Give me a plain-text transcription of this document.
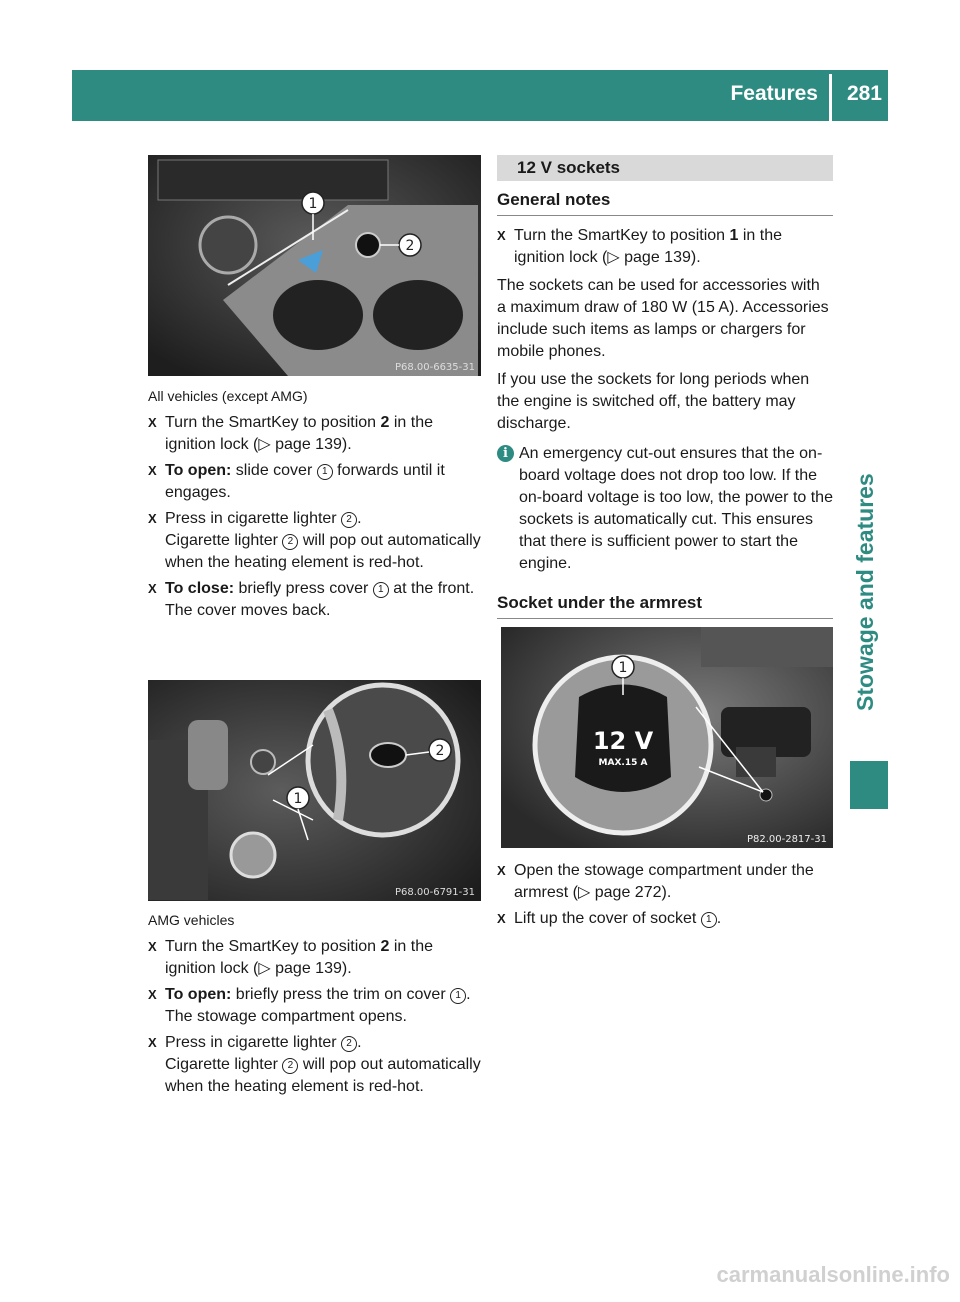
Features 281
Stowage and features
1
2
P68.00-6635-31
All vehicles (except AMG)
X Turn the SmartKey to position 2 in the ignition lock (▷ page 139).
X To open: slide cover 1 forwards until it engages.
X Press in cigarette lighter 2 .
Cigarette lighter 2 will pop out automatically when the heating element is red-hot.
X To close: briefly press cover 1 at the front.
The cover moves back.
2
1
P68.00-6791-31
AMG vehicles
X Turn the SmartKey to position 2 in the ignition lock (▷ page 139).
X To open: briefly press the trim on cover 1 .
The stowage compartment opens.
X Press in cigarette lighter 2 .
Cigarette lighter 2 will pop out automatically when the heating element is red-hot.
12 V sockets
General notes
X Turn the SmartKey to position 1 in the ignition lock (▷ page 139).

The sockets can be used for accessories with a maximum draw of 180 W (15 A). Accessories include such items as lamps or chargers for mobile phones.

If you use the sockets for long periods when the engine is switched off, the battery may discharge.

i An emergency cut-out ensures that the on-board voltage does not drop too low. If the on-board voltage is too low, the power to the sockets is automatically cut. This ensures that there is sufficient power to start the engine.
Socket under the armrest
12 V
MAX.15 A
1
P82.00-2817-31
X Open the stowage compartment under the armrest (▷ page 272).
X Lift up the cover of socket 1 .
carmanualsonline.info
